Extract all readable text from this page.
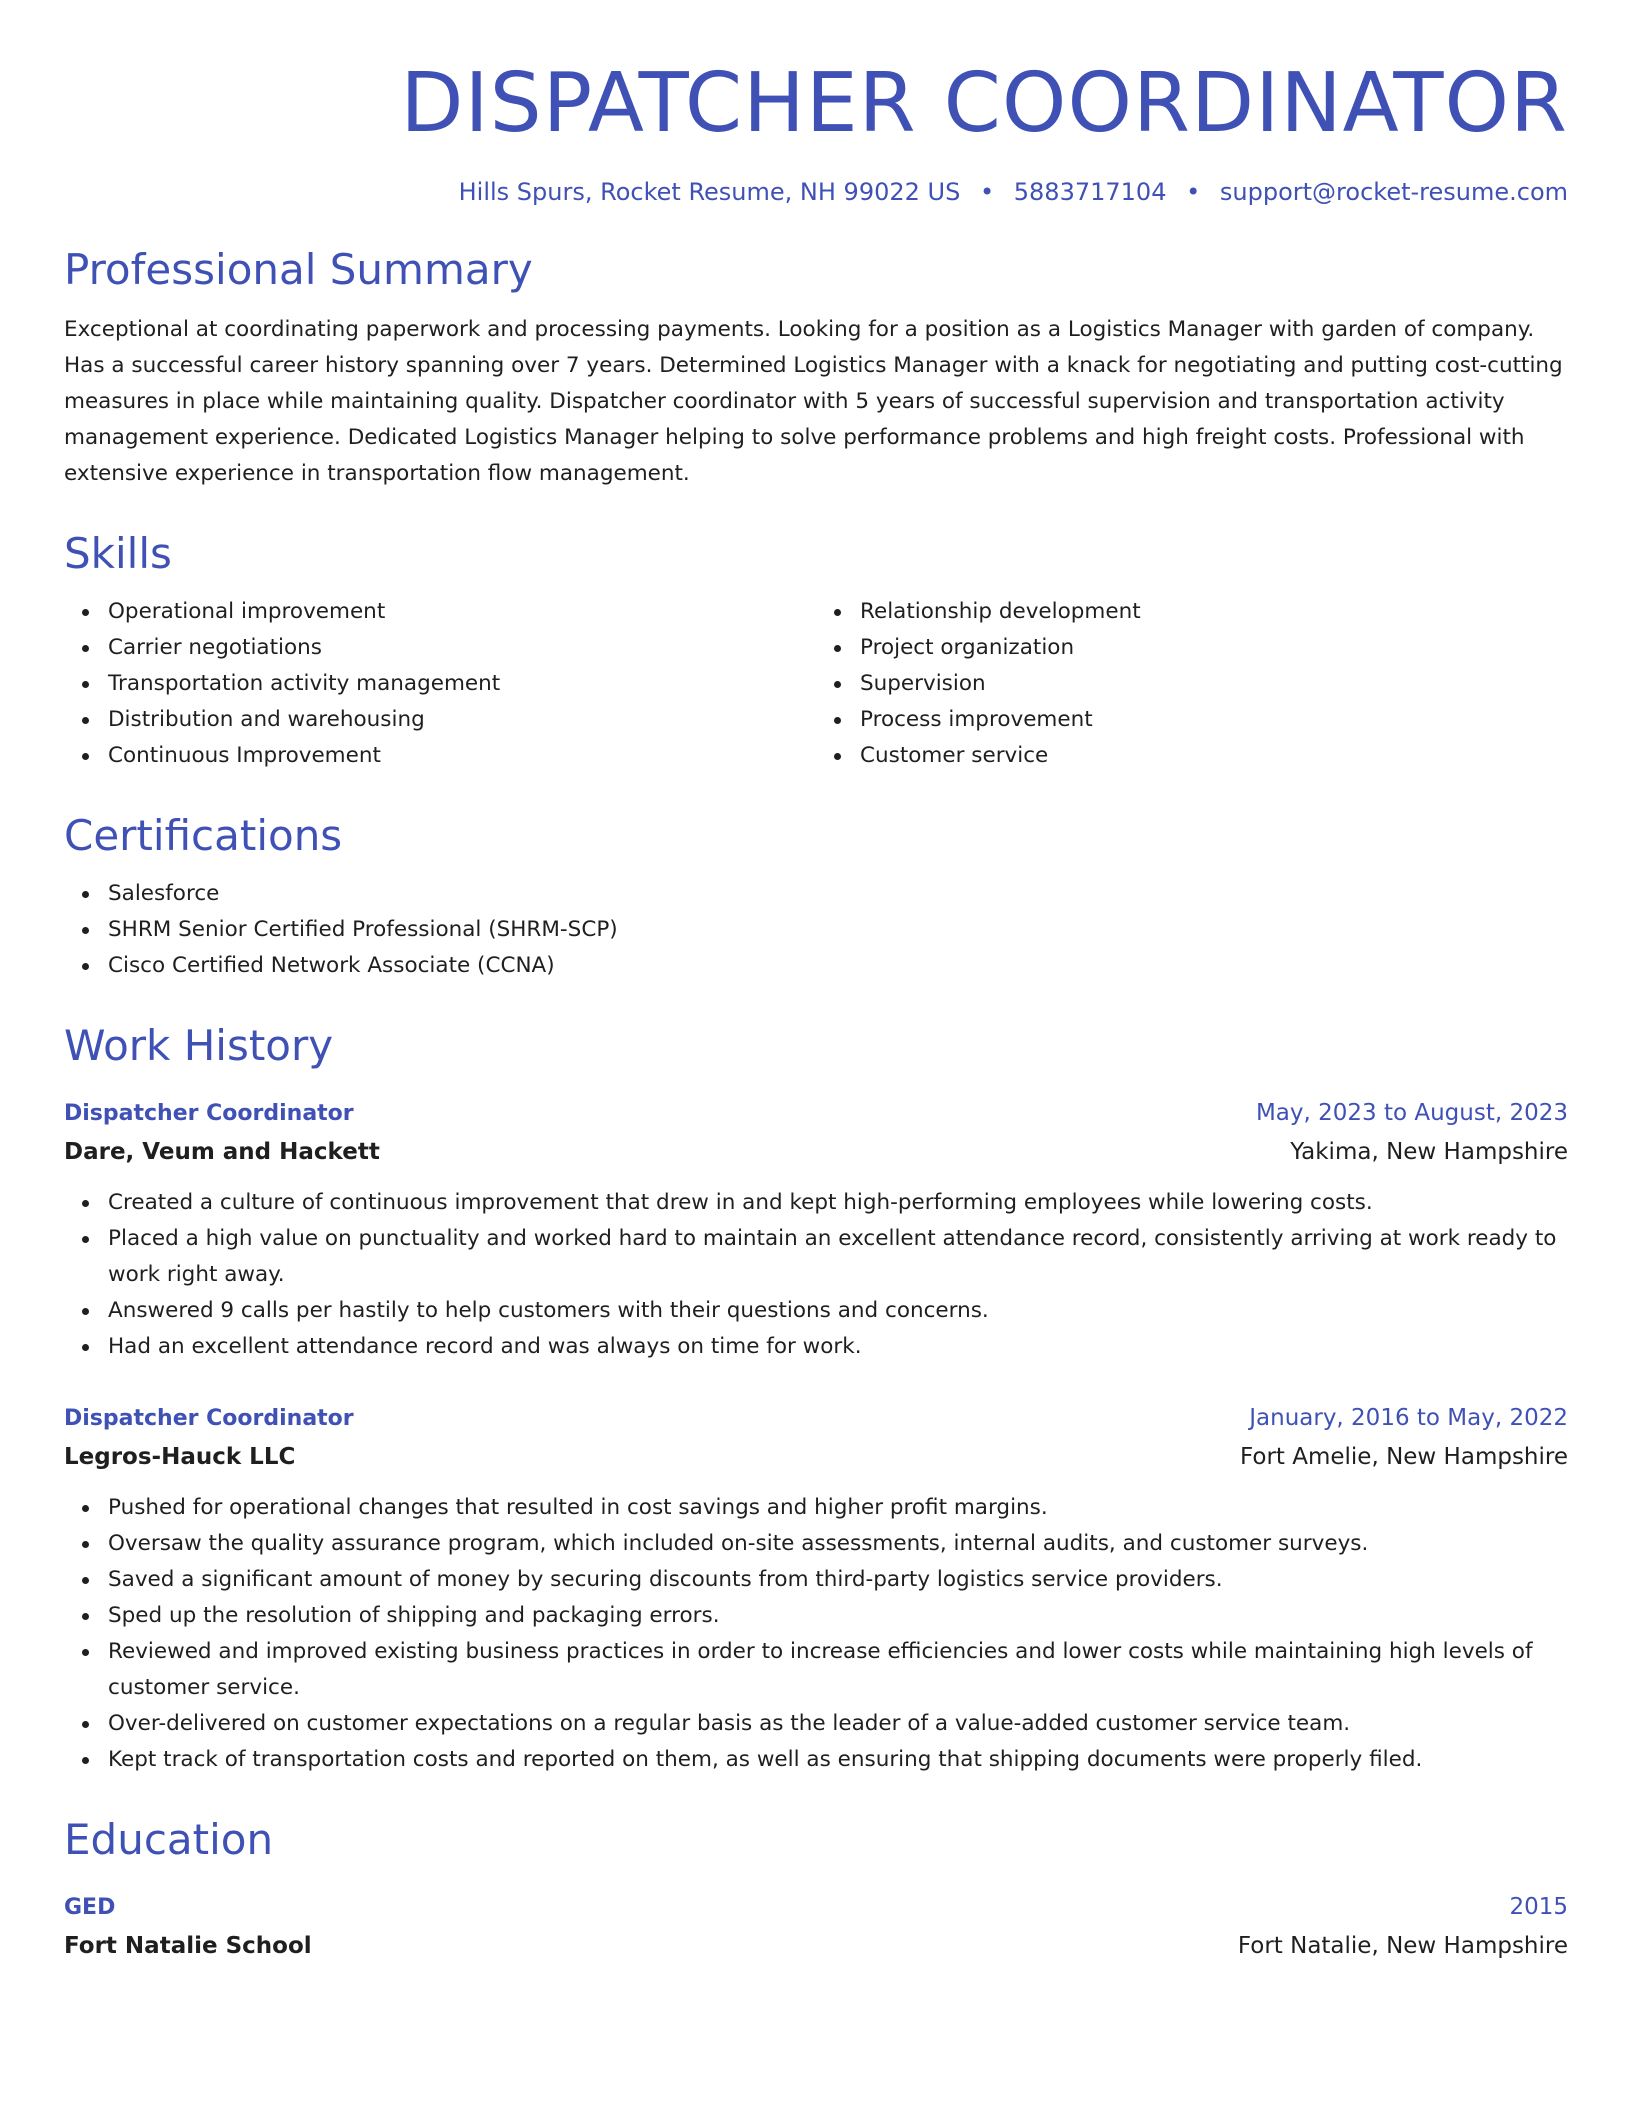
DISPATCHER COORDINATOR
Hills Spurs, Rocket Resume, NH 99022 US • 5883717104 • support@rocket-resume.com
Professional Summary

Exceptional at coordinating paperwork and processing payments. Looking for a position as a Logistics Manager with garden of company. Has a successful career history spanning over 7 years. Determined Logistics Manager with a knack for negotiating and putting cost-cutting measures in place while maintaining quality. Dispatcher coordinator with 5 years of successful supervision and transportation activity management experience. Dedicated Logistics Manager helping to solve performance problems and high freight costs. Professional with extensive experience in transportation flow management.

Skills
Operational improvement
Carrier negotiations
Transportation activity management
Distribution and warehousing
Continuous Improvement
Relationship development
Project organization
Supervision
Process improvement
Customer service
Certifications
Salesforce
SHRM Senior Certified Professional (SHRM-SCP)
Cisco Certified Network Associate (CCNA)
Work History
Dispatcher Coordinator	May, 2023 to August, 2023
Dare, Veum and Hackett	Yakima, New Hampshire
Created a culture of continuous improvement that drew in and kept high-performing employees while lowering costs.
Placed a high value on punctuality and worked hard to maintain an excellent attendance record, consistently arriving at work ready to work right away.
Answered 9 calls per hastily to help customers with their questions and concerns.
Had an excellent attendance record and was always on time for work.
Dispatcher Coordinator	January, 2016 to May, 2022
Legros-Hauck LLC	Fort Amelie, New Hampshire
Pushed for operational changes that resulted in cost savings and higher profit margins.
Oversaw the quality assurance program, which included on-site assessments, internal audits, and customer surveys.
Saved a significant amount of money by securing discounts from third-party logistics service providers.
Sped up the resolution of shipping and packaging errors.
Reviewed and improved existing business practices in order to increase efficiencies and lower costs while maintaining high levels of customer service.
Over-delivered on customer expectations on a regular basis as the leader of a value-added customer service team.
Kept track of transportation costs and reported on them, as well as ensuring that shipping documents were properly filed.
Education
GED	2015
Fort Natalie School	Fort Natalie, New Hampshire
